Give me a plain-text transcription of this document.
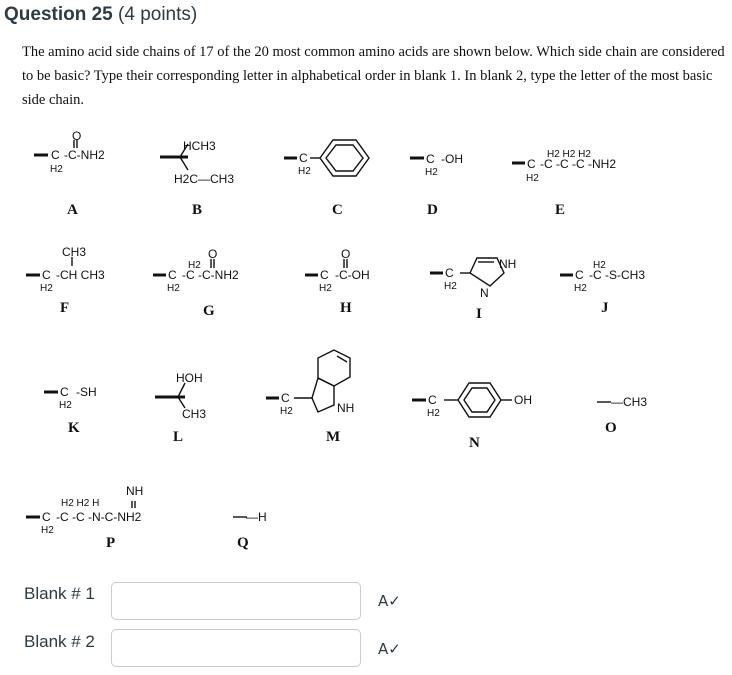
Question 25 (4 points)
The amino acid side chains of 17 of the 20 most common amino acids are shown below. Which side chain are considered to be basic? Type their corresponding letter in alphabetical order in blank 1. In blank 2, type the letter of the most basic side chain.
O
C -C-NH2
H2
A
HCH3
H2C—CH3
B
C
H2
C
C -OH
H2
D
H2 H2 H2
C -C -C -C -NH2
H2
E
CH3
C -CH CH3
H2
F
O
H2
C -C -C-NH2
H2
G
O
C -C-OH
H2
H
C
H2
NH
N
I
H2
C -C -S-CH3
H2
J
C -SH
H2
K
HOH
CH3
L
C
H2	NH
M
C
H2
OH
N
—CH3
O
NH
H2 H2 H
C -C -C -N-C-NH2
H2
P
—H
Q
Blank # 1	A✓
Blank # 2	A✓
